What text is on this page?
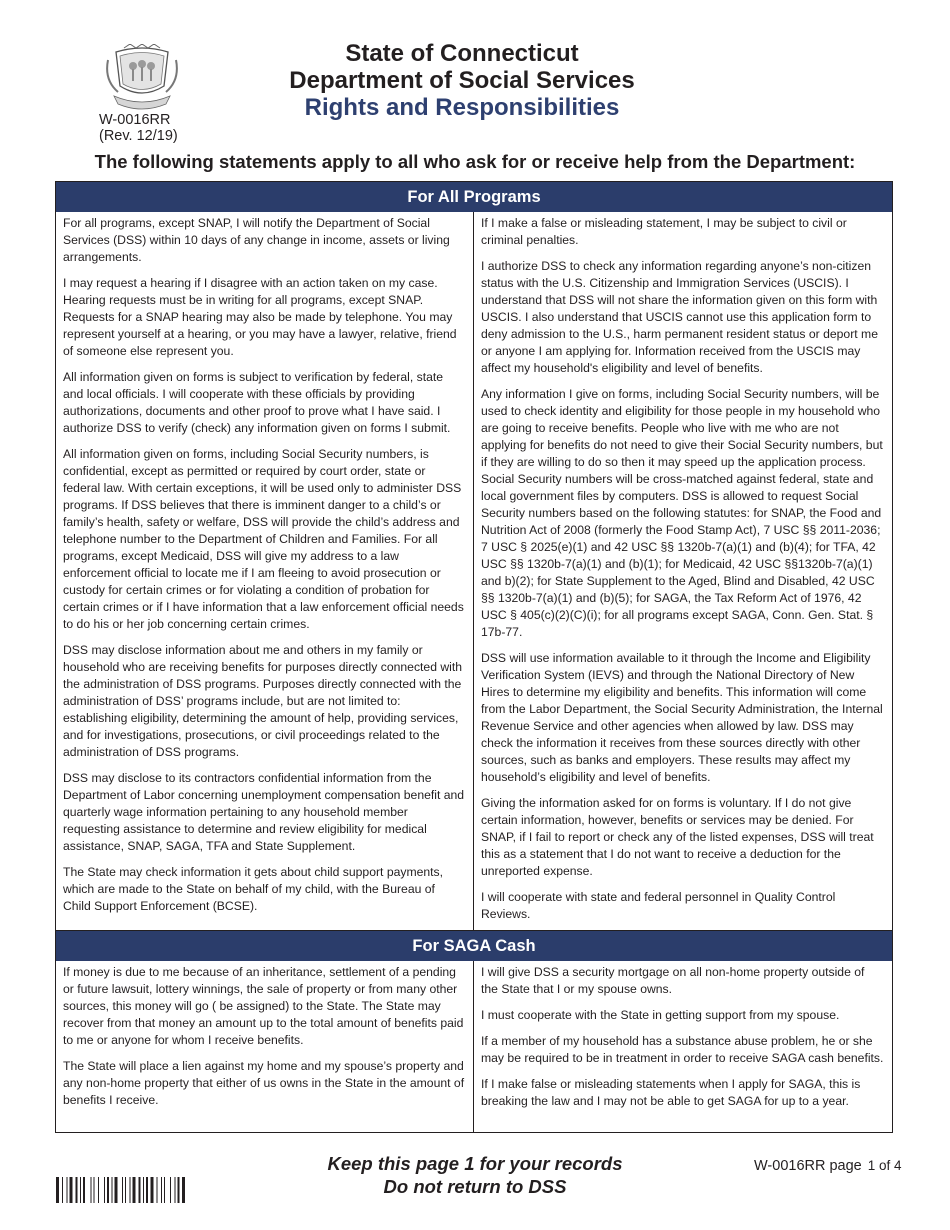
W-0016RR
(Rev. 12/19)
State of Connecticut
Department of Social Services
Rights and Responsibilities
The following statements apply to all who ask for or receive help from the Department:
For All Programs

For all programs, except SNAP, I will notify the Department of Social Services (DSS) within 10 days of any change in income, assets or living arrangements.

I may request a hearing if I disagree with an action taken on my case. Hearing requests must be in writing for all programs, except SNAP. Requests for a SNAP hearing may also be made by telephone. You may represent yourself at a hearing, or you may have a lawyer, relative, friend of someone else represent you.

All information given on forms is subject to verification by federal, state and local officials. I will cooperate with these officials by providing authorizations, documents and other proof to prove what I have said. I authorize DSS to verify (check) any information given on forms I submit.

All information given on forms, including Social Security numbers, is confidential, except as permitted or required by court order, state or federal law. With certain exceptions, it will be used only to administer DSS programs. If DSS believes that there is imminent danger to a child’s or family’s health, safety or welfare, DSS will provide the child’s address and telephone number to the Department of Children and Families. For all programs, except Medicaid, DSS will give my address to a law enforcement official to locate me if I am fleeing to avoid prosecution or custody for certain crimes or for violating a condition of probation for certain crimes or if I have information that a law enforcement official needs to do his or her job concerning certain crimes.

DSS may disclose information about me and others in my family or household who are receiving benefits for purposes directly connected with the administration of DSS programs. Purposes directly connected with the administration of DSS’ programs include, but are not limited to: establishing eligibility, determining the amount of help, providing services, and for investigations, prosecutions, or civil proceedings related to the administration of DSS programs.

DSS may disclose to its contractors confidential information from the Department of Labor concerning unemployment compensation benefit and quarterly wage information pertaining to any household member requesting assistance to determine and review eligibility for medical assistance, SNAP, SAGA, TFA and State Supplement.

The State may check information it gets about child support payments, which are made to the State on behalf of my child, with the Bureau of Child Support Enforcement (BCSE).

If I make a false or misleading statement, I may be subject to civil or criminal penalties.

I authorize DSS to check any information regarding anyone’s non-citizen status with the U.S. Citizenship and Immigration Services (USCIS). I understand that DSS will not share the information given on this form with USCIS. I also understand that USCIS cannot use this application form to deny admission to the U.S., harm permanent resident status or deport me or anyone I am applying for. Information received from the USCIS may affect my household's eligibility and level of benefits.

Any information I give on forms, including Social Security numbers, will be used to check identity and eligibility for those people in my household who are going to receive benefits. People who live with me who are not applying for benefits do not need to give their Social Security numbers, but if they are willing to do so then it may speed up the application process. Social Security numbers will be cross-matched against federal, state and local government files by computers. DSS is allowed to request Social Security numbers based on the following statutes: for SNAP, the Food and Nutrition Act of 2008 (formerly the Food Stamp Act), 7 USC §§ 2011-2036; 7 USC § 2025(e)(1) and 42 USC §§ 1320b-7(a)(1) and (b)(4); for TFA, 42 USC §§ 1320b-7(a)(1) and (b)(1); for Medicaid, 42 USC §§1320b-7(a)(1) and b)(2); for State Supplement to the Aged, Blind and Disabled, 42 USC §§ 1320b-7(a)(1) and (b)(5); for SAGA, the Tax Reform Act of 1976, 42 USC § 405(c)(2)(C)(i); for all programs except SAGA, Conn. Gen. Stat. § 17b-77.

DSS will use information available to it through the Income and Eligibility Verification System (IEVS) and through the National Directory of New Hires to determine my eligibility and benefits. This information will come from the Labor Department, the Social Security Administration, the Internal Revenue Service and other agencies when allowed by law. DSS may check the information it receives from these sources directly with other sources, such as banks and employers. These results may affect my household’s eligibility and level of benefits.

Giving the information asked for on forms is voluntary. If I do not give certain information, however, benefits or services may be denied. For SNAP, if I fail to report or check any of the listed expenses, DSS will treat this as a statement that I do not want to receive a deduction for the unreported expense.

I will cooperate with state and federal personnel in Quality Control Reviews.

For SAGA Cash

If money is due to me because of an inheritance, settlement of a pending or future lawsuit, lottery winnings, the sale of property or from many other sources, this money will go ( be assigned) to the State. The State may recover from that money an amount up to the total amount of benefits paid to me or anyone for whom I receive benefits.

The State will place a lien against my home and my spouse’s property and any non-home property that either of us owns in the State in the amount of benefits I receive.

I will give DSS a security mortgage on all non-home property outside of the State that I or my spouse owns.

I must cooperate with the State in getting support from my spouse.

If a member of my household has a substance abuse problem, he or she may be required to be in treatment in order to receive SAGA cash benefits.

If I make false or misleading statements when I apply for SAGA, this is breaking the law and I may not be able to get SAGA for up to a year.

Keep this page 1 for your records
Do not return to DSS
W-0016RR page 1 of 4
